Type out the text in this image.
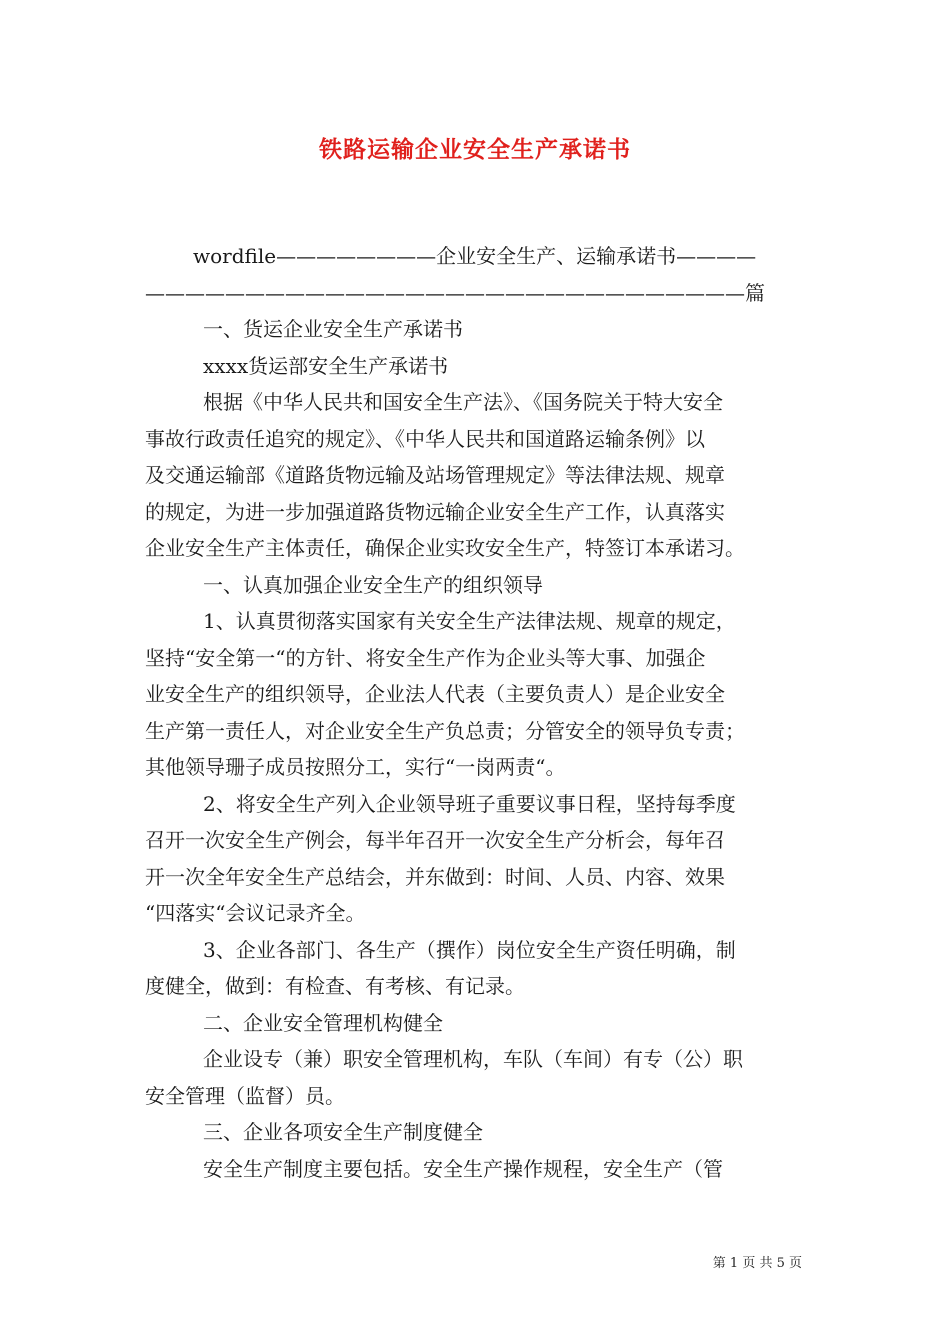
铁路运输企业安全生产承诺书
wordfile————————企业安全生产、运输承诺书————
——————————————————————————————篇
一、货运企业安全生产承诺书
xxxx货运部安全生产承诺书
根据《中华人民共和国安全生产法》、《国务院关于特大安全
事故行政责任追究的规定》、《中华人民共和国道路运输条例》以
及交通运输部《道路货物远输及站场管理规定》等法律法规、规章
的规定，为进一步加强道路货物远输企业安全生产工作，认真落实
企业安全生产主体责任，确保企业实玫安全生产，特签订本承诺习。
一、认真加强企业安全生产的组织领导
1、认真贯彻落实国家有关安全生产法律法规、规章的规定，
坚持“安全第一“的方针、将安全生产作为企业头等大事、加强企
业安全生产的组织领导，企业法人代表（主要负责人）是企业安全
生产第一责任人，对企业安全生产负总责；分管安全的领导负专责；
其他领导珊子成员按照分工，实行“一岗两责“。
2、将安全生产列入企业领导班子重要议事日程，坚持每季度
召开一次安全生产例会，每半年召开一次安全生产分析会，每年召
开一次全年安全生产总结会，并东做到：时间、人员、内容、效果
“四落实“会议记录齐全。
3、企业各部门、各生产（撰作）岗位安全生产资任明确，制
度健全，做到：有检查、有考核、有记录。
二、企业安全管理机构健全
企业设专（兼）职安全管理机构，车队（车间）有专（公）职
安全管理（监督）员。
三、企业各项安全生产制度健全
安全生产制度主要包括。安全生产操作规程，安全生产（管
第 1 页 共 5 页
